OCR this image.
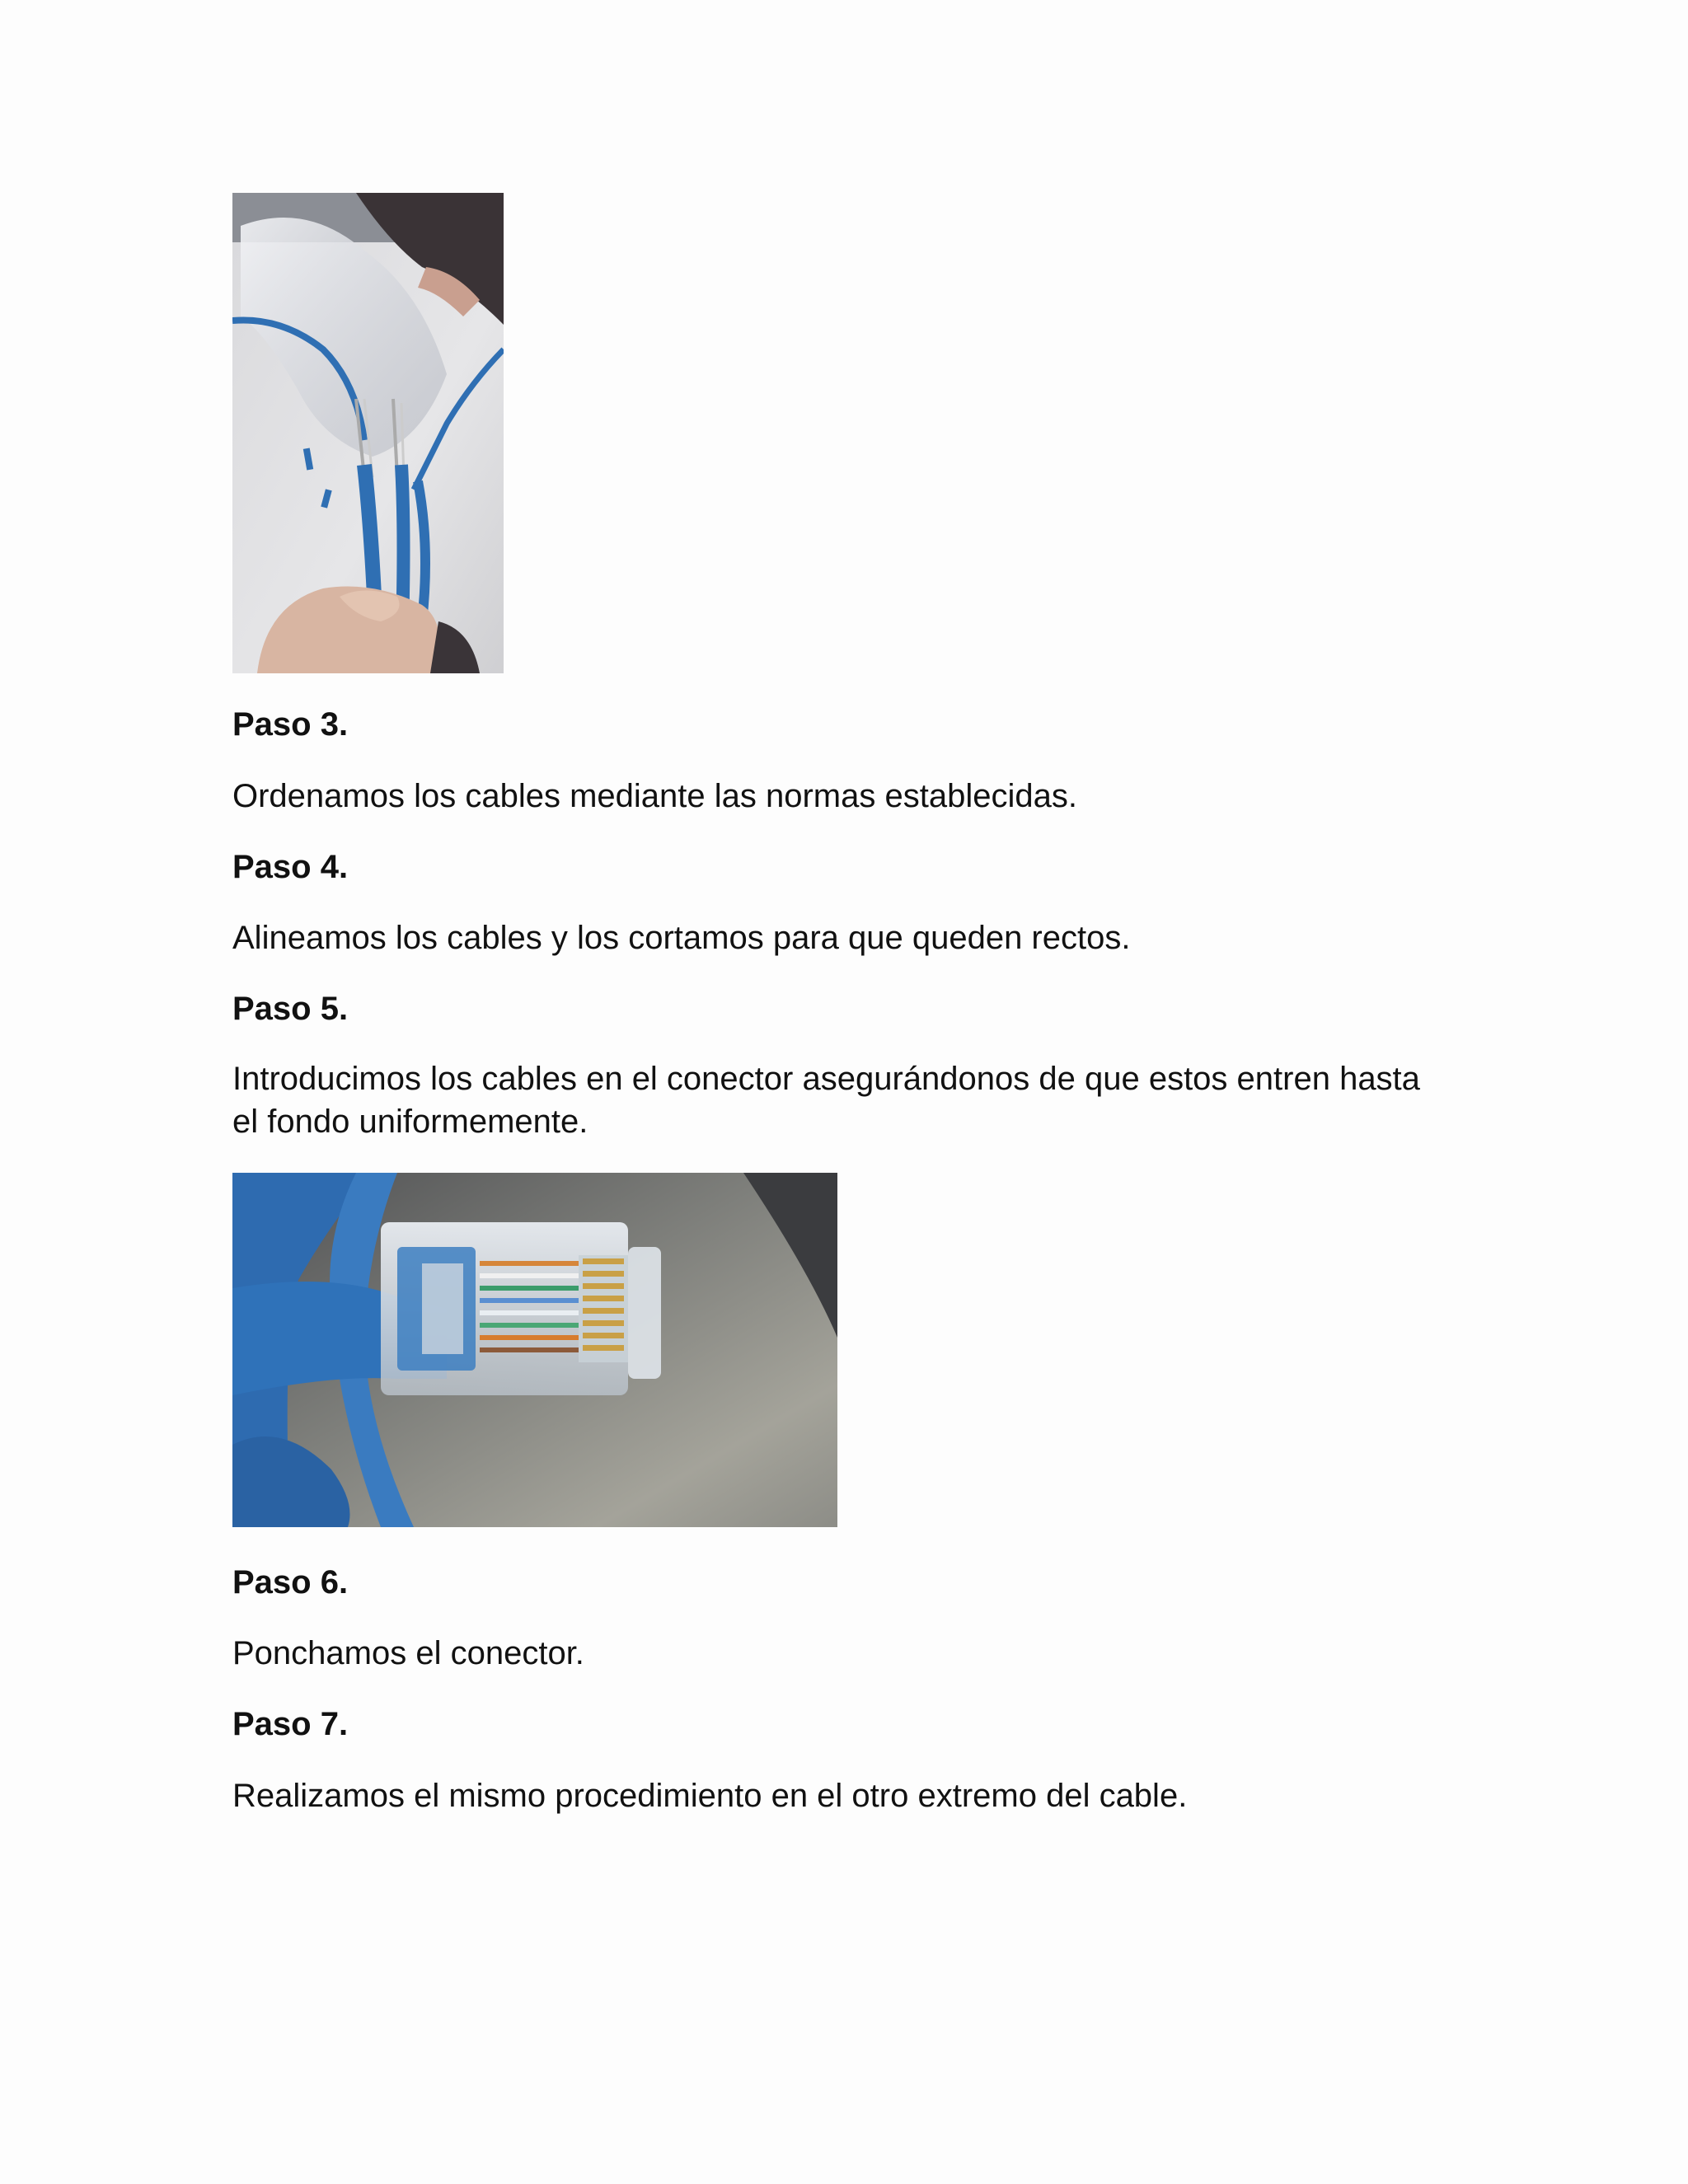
Paso 3.

Ordenamos los cables mediante las normas establecidas.

Paso 4.

Alineamos los cables y los cortamos para que queden rectos.

Paso 5.

Introducimos los cables en el conector asegurándonos de que estos entren hasta el fondo uniformemente.

Paso 6.

Ponchamos el conector.

Paso 7.

Realizamos el mismo procedimiento en el otro extremo del cable.
